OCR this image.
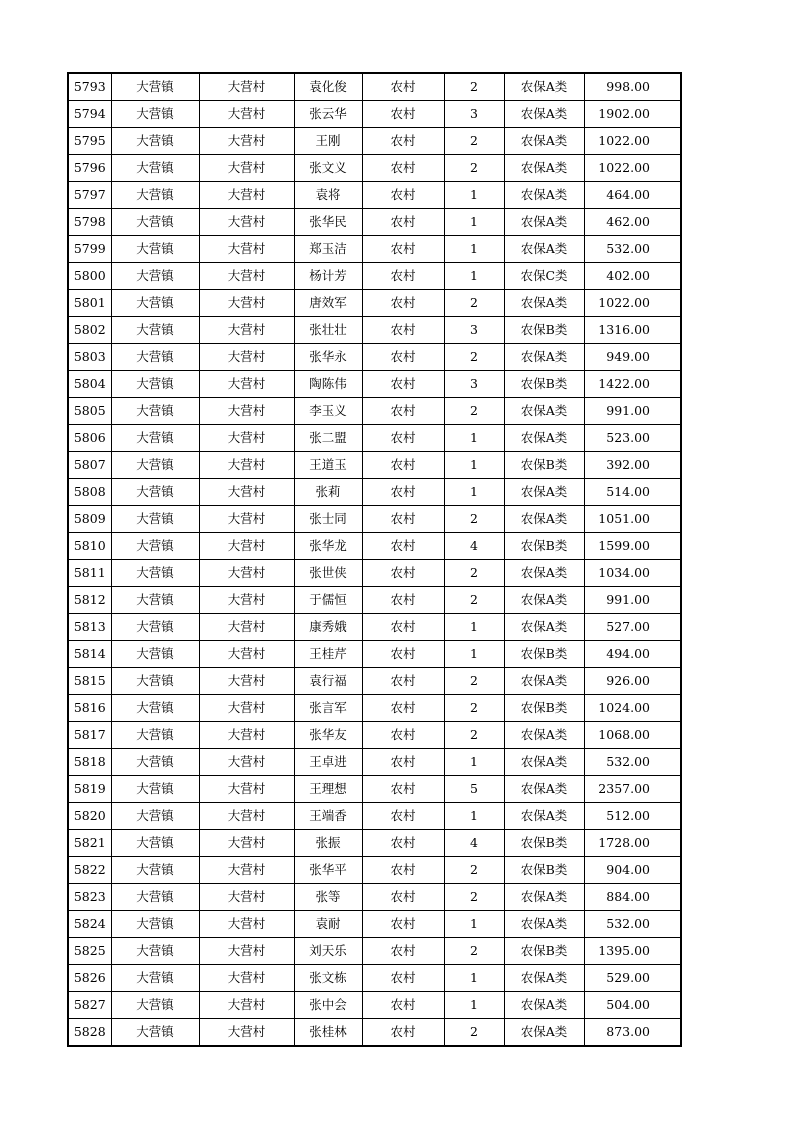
5793	大营镇	大营村	袁化俊	农村	2	农保A类	998.00
5794	大营镇	大营村	张云华	农村	3	农保A类	1902.00
5795	大营镇	大营村	王刚	农村	2	农保A类	1022.00
5796	大营镇	大营村	张文义	农村	2	农保A类	1022.00
5797	大营镇	大营村	袁将	农村	1	农保A类	464.00
5798	大营镇	大营村	张华民	农村	1	农保A类	462.00
5799	大营镇	大营村	郑玉洁	农村	1	农保A类	532.00
5800	大营镇	大营村	杨计芳	农村	1	农保C类	402.00
5801	大营镇	大营村	唐效军	农村	2	农保A类	1022.00
5802	大营镇	大营村	张壮壮	农村	3	农保B类	1316.00
5803	大营镇	大营村	张华永	农村	2	农保A类	949.00
5804	大营镇	大营村	陶陈伟	农村	3	农保B类	1422.00
5805	大营镇	大营村	李玉义	农村	2	农保A类	991.00
5806	大营镇	大营村	张二盟	农村	1	农保A类	523.00
5807	大营镇	大营村	王道玉	农村	1	农保B类	392.00
5808	大营镇	大营村	张莉	农村	1	农保A类	514.00
5809	大营镇	大营村	张士同	农村	2	农保A类	1051.00
5810	大营镇	大营村	张华龙	农村	4	农保B类	1599.00
5811	大营镇	大营村	张世侠	农村	2	农保A类	1034.00
5812	大营镇	大营村	于儒恒	农村	2	农保A类	991.00
5813	大营镇	大营村	康秀娥	农村	1	农保A类	527.00
5814	大营镇	大营村	王桂芹	农村	1	农保B类	494.00
5815	大营镇	大营村	袁行福	农村	2	农保A类	926.00
5816	大营镇	大营村	张言军	农村	2	农保B类	1024.00
5817	大营镇	大营村	张华友	农村	2	农保A类	1068.00
5818	大营镇	大营村	王卓进	农村	1	农保A类	532.00
5819	大营镇	大营村	王理想	农村	5	农保A类	2357.00
5820	大营镇	大营村	王端香	农村	1	农保A类	512.00
5821	大营镇	大营村	张振	农村	4	农保B类	1728.00
5822	大营镇	大营村	张华平	农村	2	农保B类	904.00
5823	大营镇	大营村	张等	农村	2	农保A类	884.00
5824	大营镇	大营村	袁耐	农村	1	农保A类	532.00
5825	大营镇	大营村	刘天乐	农村	2	农保B类	1395.00
5826	大营镇	大营村	张文栋	农村	1	农保A类	529.00
5827	大营镇	大营村	张中会	农村	1	农保A类	504.00
5828	大营镇	大营村	张桂林	农村	2	农保A类	873.00
